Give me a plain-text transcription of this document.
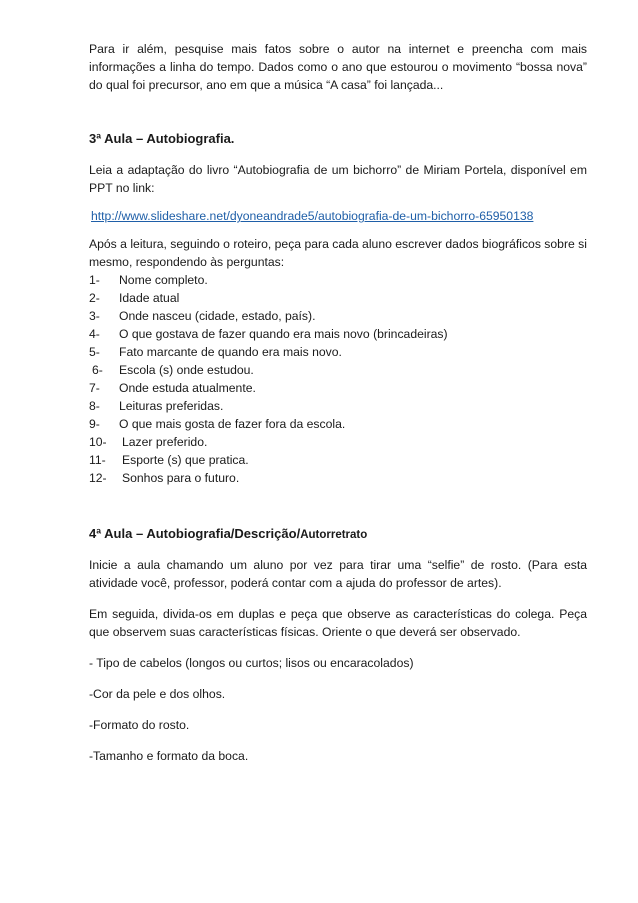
Para ir além, pesquise mais fatos sobre o autor na internet e preencha com mais informações a linha do tempo. Dados como o ano que estourou o movimento “bossa nova” do qual foi precursor, ano em que a música “A casa” foi lançada...

3ª Aula – Autobiografia.

Leia a adaptação do livro “Autobiografia de um bichorro” de Miriam Portela, disponível em PPT no link:

http://www.slideshare.net/dyoneandrade5/autobiografia-de-um-bichorro-65950138

Após a leitura, seguindo o roteiro, peça para cada aluno escrever dados biográficos sobre si mesmo, respondendo às perguntas:

1-	Nome completo.
2-	Idade atual
3-	Onde nasceu (cidade, estado, país).
4-	O que gostava de fazer quando era mais novo (brincadeiras)
5-	Fato marcante de quando era mais novo.
6-	Escola (s) onde estudou.
7-	Onde estuda atualmente.
8-	Leituras preferidas.
9-	O que mais gosta de fazer fora da escola.
10-	Lazer preferido.
11-	Esporte (s) que pratica.
12-	Sonhos para o futuro.

4ª Aula – Autobiografia/Descrição/Autorretrato

Inicie a aula chamando um aluno por vez para tirar uma “selfie” de rosto. (Para esta atividade você, professor, poderá contar com a ajuda do professor de artes).

Em seguida, divida-os em duplas e peça que observe as características do colega. Peça que observem suas características físicas. Oriente o que deverá ser observado.

- Tipo de cabelos (longos ou curtos; lisos ou encaracolados)

-Cor da pele e dos olhos.

-Formato do rosto.

-Tamanho e formato da boca.
